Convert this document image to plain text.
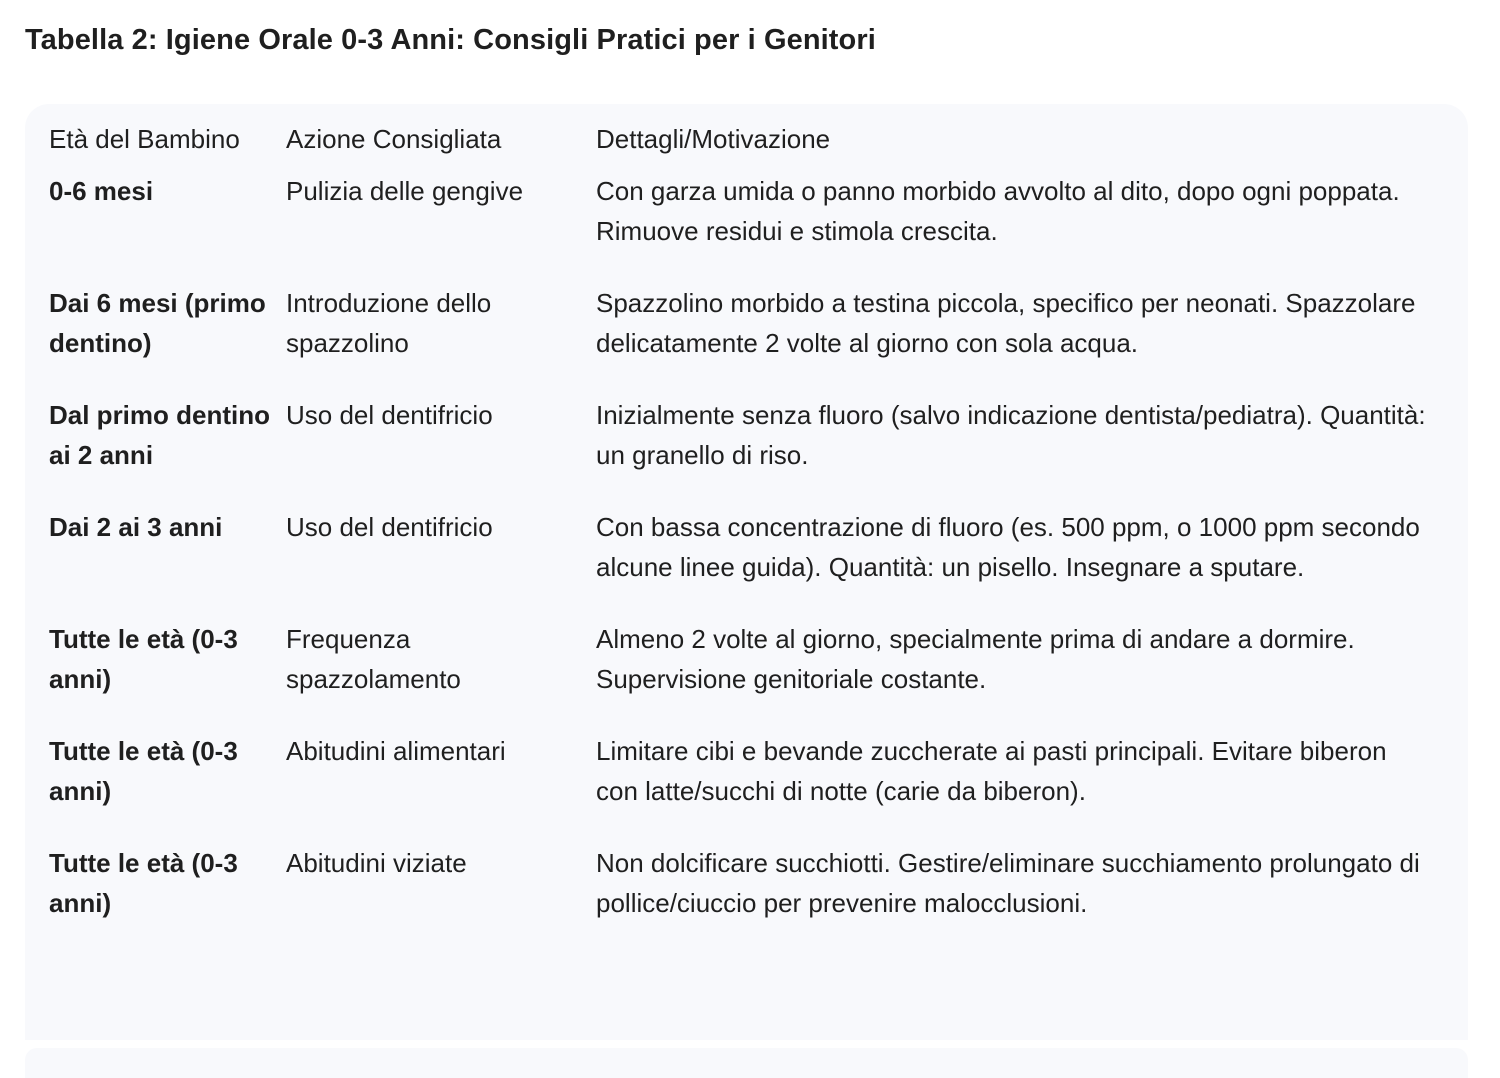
Tabella 2: Igiene Orale 0-3 Anni: Consigli Pratici per i Genitori
Età del Bambino	Azione Consigliata	Dettagli/Motivazione
0-6 mesi	Pulizia delle gengive	Con garza umida o panno morbido avvolto al dito, dopo ogni poppata. Rimuove residui e stimola crescita.
Dai 6 mesi (primo dentino)	Introduzione dello spazzolino	Spazzolino morbido a testina piccola, specifico per neonati. Spazzolare delicatamente 2 volte al giorno con sola acqua.
Dal primo dentino ai 2 anni	Uso del dentifricio	Inizialmente senza fluoro (salvo indicazione dentista/pediatra). Quantità: un granello di riso.
Dai 2 ai 3 anni	Uso del dentifricio	Con bassa concentrazione di fluoro (es. 500 ppm, o 1000 ppm secondo alcune linee guida). Quantità: un pisello. Insegnare a sputare.
Tutte le età (0-3 anni)	Frequenza spazzolamento	Almeno 2 volte al giorno, specialmente prima di andare a dormire. Supervisione genitoriale costante.
Tutte le età (0-3 anni)	Abitudini alimentari	Limitare cibi e bevande zuccherate ai pasti principali. Evitare biberon con latte/succhi di notte (carie da biberon).
Tutte le età (0-3 anni)	Abitudini viziate	Non dolcificare succhiotti. Gestire/eliminare succhiamento prolungato di pollice/ciuccio per prevenire malocclusioni.
